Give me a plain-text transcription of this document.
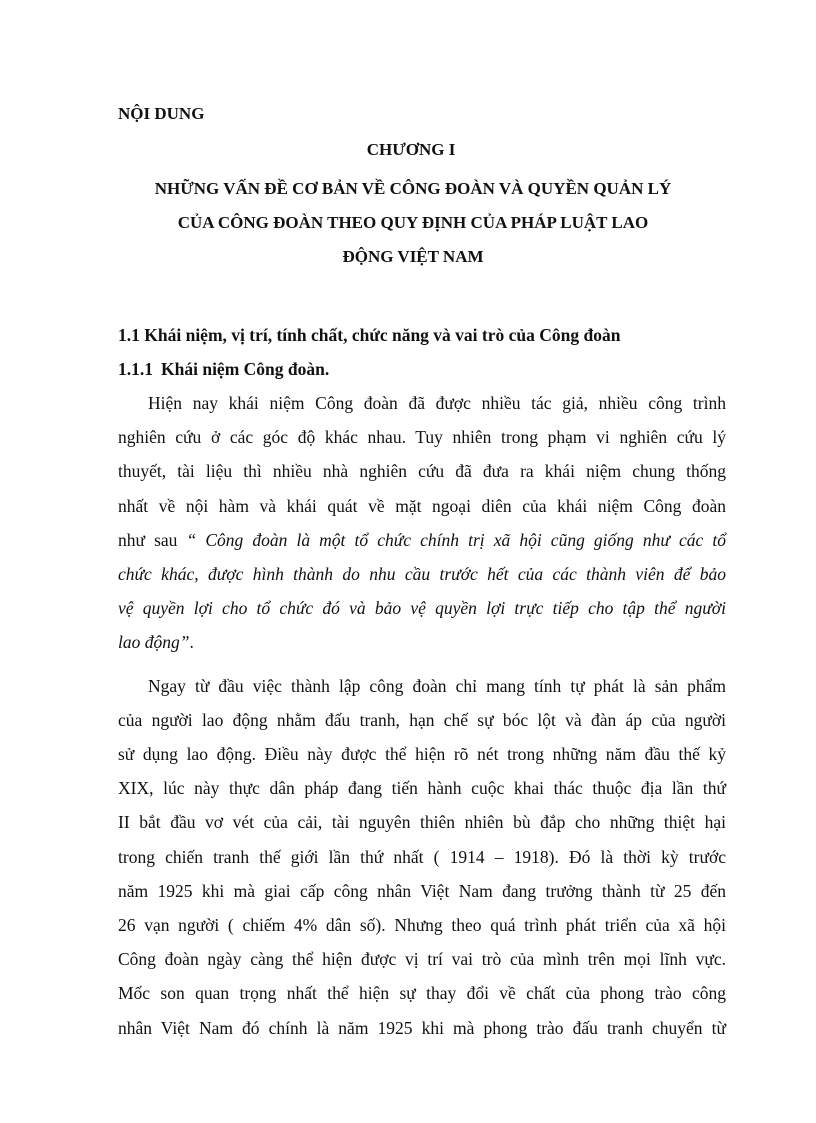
NỘI DUNG
CHƯƠNG I
NHỮNG VẤN ĐỀ CƠ BẢN VỀ CÔNG ĐOÀN VÀ QUYỀN QUẢN LÝ
CỦA CÔNG ĐOÀN THEO QUY ĐỊNH CỦA PHÁP LUẬT LAO
ĐỘNG VIỆT NAM
1.1 Khái niệm, vị trí, tính chất, chức năng và vai trò của Công đoàn
1.1.1 Khái niệm Công đoàn.
Hiện nay khái niệm Công đoàn đã được nhiều tác giả, nhiều công trình
nghiên cứu ở các góc độ khác nhau. Tuy nhiên trong phạm vi nghiên cứu lý
thuyết, tài liệu thì nhiều nhà nghiên cứu đã đưa ra khái niệm chung thống
nhất về nội hàm và khái quát về mặt ngoại diên của khái niệm Công đoàn
như sau “ Công đoàn là một tổ chức chính trị xã hội cũng giống như các tổ
chức khác, được hình thành do nhu cầu trước hết của các thành viên để bảo
vệ quyền lợi cho tổ chức đó và bảo vệ quyền lợi trực tiếp cho tập thể người
lao động”.
Ngay từ đầu việc thành lập công đoàn chỉ mang tính tự phát là sản phẩm
của người lao động nhằm đấu tranh, hạn chế sự bóc lột và đàn áp của người
sử dụng lao động. Điều này được thể hiện rõ nét trong những năm đầu thế kỷ
XIX, lúc này thực dân pháp đang tiến hành cuộc khai thác thuộc địa lần thứ
II bắt đầu vơ vét của cải, tài nguyên thiên nhiên bù đắp cho những thiệt hại
trong chiến tranh thế giới lần thứ nhất ( 1914 – 1918). Đó là thời kỳ trước
năm 1925 khi mà giai cấp công nhân Việt Nam đang trưởng thành từ 25 đến
26 vạn người ( chiếm 4% dân số). Nhưng theo quá trình phát triển của xã hội
Công đoàn ngày càng thể hiện được vị trí vai trò của mình trên mọi lĩnh vực.
Mốc son quan trọng nhất thể hiện sự thay đổi về chất của phong trào công
nhân Việt Nam đó chính là năm 1925 khi mà phong trào đấu tranh chuyển từ
